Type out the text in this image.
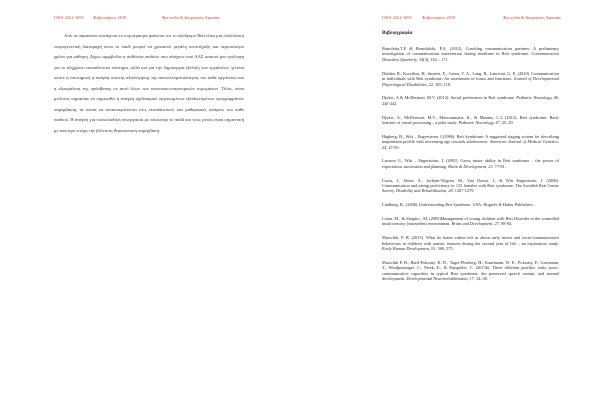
ISSN 2421-1693 Φεβρουάριος 2019	Φροντίδα & Διαχείριση Αφασίας

Από τα παραπάνω συνάγεται το συμπέρασμα φαίνεται ότι το σύνδρομο Rett είναι μια πολύπλοκη νευρογενετική διαταραχή όπου το παιδί μπορεί να χρειαστεί μεγάλη υποστήριξη και περισσότερο χρόνο για μάθηση. Δίχως αμφιβολία η ασθένεια παιδιών που πάσχουν από ΑΑΣ απαιτεί μια πρόληψη για το σύγχρονο εκπαιδευτικό σύστημα, αλλά και για την δημιουργία εξέλιξη των εργαλείων, γίνεται οπότε η επιστημική η ανάγκη σωστής αξιολόγησης της αποτελεσματικότητας του κάθε εργαλείου και η εξασφάλιση της πρόσβασης σε αυτό όλων των κοινωνικο-οικονομικών στρωμάτων. Τέλος, είναι μείζονος σημασίας να σημειωθεί η ανάγκη σχεδιασμού οργανωμένων εξειδικευμένων προγραμμάτων παρέμβασης τα οποία να ανταποκρίνονται στις εκπαιδευτικές και μαθησιακές ανάγκες του κάθε παιδιού. Η ανάγκη για πολυκλαδική συνεργασία με επίκεντρο το παιδί και τους γονείς είναι σημαντική με απώτερο στόχο την βέλτιστη θεραπευτική παρέμβαση.

ISSN 2421-1693 Φεβρουάριος 2019	Φροντίδα & Διαχείριση Αφασίας
Βιβλιογραφία

Bartolotta,T.E & Remshifski, P.A. (2013). Coaching communication partners: A preliminary investigation of communication intervention during mealtime in Rett syndrome. Communication Disorders Quarterly, 34(3), 162 – 171.

Didden, R., Korzilius, H., Smeets, E., Green, V. A., Lang, R., Lancioni, G. E. (2010). Communication in individuals with Rett syndrome: An assessment of forms and functions. Journal of Developmental Physiological Disabilities, 22, 105–118.

Djukic, A & McDermott, M.V. (2012). Social preferences in Rett syndrome. Pediatric Neurology, 46, 240-242.

Djukic, A., McDermott, M.V., Mavrommatis, K., & Martins, C.L (2012). Rett syndrome: Basic features of visual processing – a pilot study. Pediatric Neurology, 47, 25–29.

Hagberg, B., Witt – Engerstrom, I.(1986). Rett Syndrome: A suggested staging system for describing impairment profile with increasing age towards adolescence. American Journal of Medical Genetics, 24, 47-59.

Larsson G., Witt – Engerström, I. (2001). Gross motor ability in Rett syndrome – the power of expectation, motivation and planning. Brain & Development, 23, 77-81.

Lavas, J., Slotte, A., Jochym-Nygren, M., Van Doorn, J., & Witt Engerstrom, I. (2006). Communication and eating proficiency in 125 females with Rett syndrome: The Swedish Rett Center Survey. Disability and Rehabilitation, 28, 1267-1279.

Lindberg, B., (2006).Understanding Rett Syndrome. USA: Hogrefe & Huber Publishers.

Lotan, M., & Shapiro., M. (2005)Management of young children with Rett Disorder in the controlled multi-sensory (snoezelen) environment. Brain and Development, 27, 88-94.

Marschik, P. B. (2015). What do home videos tell us about early motor and socio-communicative behaviours in children with autistic features during the second year of life – an exploratory study. Early Human Development, 91, 569–575.

Marschik P. B., Bartl-Pokorny, K. D., Tager-Flusberg, H., Kaufmann, W. E., Pokorny, F., Grossman, T., Windpassinger, C., Petek, E., & Einspieler, C. (2013b). Three different profiles: early socio-communicative capacities in typical Rett syndrome, the preserved speech variant, and normal development. Developmental Neurorehabilitation, 17, 34–38.
